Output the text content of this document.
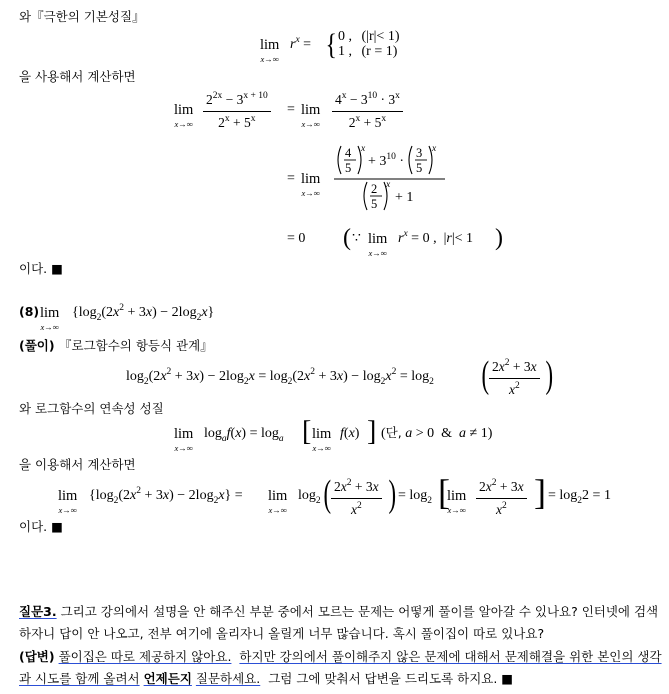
와『극한의 기본성질』
lim
x→∞
$r^x$ = { 0 , (|r|< 1)
1 , (r = 1)
을 사용해서 계산하면
lim
$x\to\infty \frac{2^{2x} - 3^{x + 10}}{2^x + 5^x} = \lim$
$x\to\infty \frac{4^x - 3^{10} \cdot 3^x}{2^x + 5^x}$
= lim
x→∞
4
5
x
+ $3^{10}$ ·
3
5
x
2
5
x
+ 1
= 0 ( ∵ lim
x→∞
$r^x = 0$ ,  |r|< 1 )
이다. ■
(8) lim
x→∞
$\{\log_2(2x^2 + 3x) - 2\log_2x\}$
(풀이) 『로그함수의 항등식 관계』
$\log_2(2x^2 + 3x) - 2\log_2x = \log_2(2x^2 + 3x) - \log_2x^2 = \log_2$ ( $\frac{2x^2 + 3x}{x^2}$ )
와 로그함수의 연속성 성질
lim
x→∞
$\log_af(x) = \log_a$ [ lim
x→∞
f(x) ] (단, a > 0  &  a ≠ 1)
을 이용해서 계산하면
lim
x→∞
$\{\log_2(2x^2 + 3x) - 2\log_2x\} = \lim$
x→∞
$\log_2$ ( $\frac{2x^2 + 3x}{x^2}$ ) = $\log_2$ [
lim
$x\to\infty \frac{2x^2 + 3x}{x^2}$ ] = $\log_22 = 1$
이다. ■
질문3. 그리고 강의에서 설명을 안 해주신 부분 중에서 모르는 문제는 어떻게 풀이를 알아갈 수 있나요? 인터넷에 검색
하자니 답이 안 나오고, 전부 여기에 올리자니 올릴게 너무 많습니다. 혹시 풀이집이 따로 있나요?
(답변) 풀이집은 따로 제공하지 않아요. 하지만 강의에서 풀이해주지 않은 문제에 대해서 문제해결을 위한 본인의 생각
과 시도를 함께 올려서 언제든지 질문하세요. 그럼 그에 맞춰서 답변을 드리도록 하지요. ■
